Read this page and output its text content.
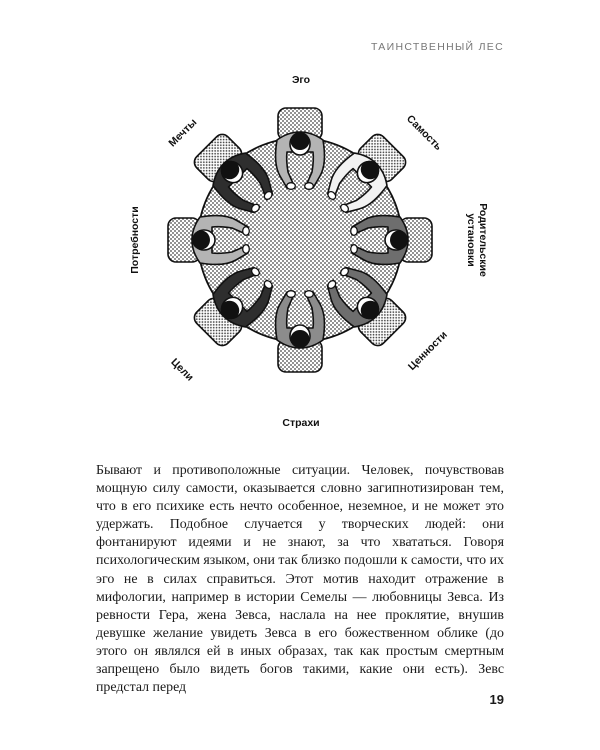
ТАИНСТВЕННЫЙ ЛЕС
Эго
Самость
Родительские
установки
Ценности
Страхи
Цели
Потребности
Мечты

Бывают и противоположные ситуации. Человек, почувствовав мощную силу самости, оказывается словно загипнотизирован тем, что в его психике есть нечто особенное, неземное, и не может это удержать. Подобное случается у творческих людей: они фонтанируют идеями и не знают, за что хвататься. Говоря психологическим языком, они так близко подошли к самости, что их эго не в силах справиться. Этот мотив находит отражение в мифологии, например в истории Семелы — любовницы Зевса. Из ревности Гера, жена Зевса, наслала на нее проклятие, внушив девушке желание увидеть Зевса в его божественном облике (до этого он являлся ей в иных образах, так как простым смертным запрещено было видеть богов такими, какие они есть). Зевс предстал перед

19
